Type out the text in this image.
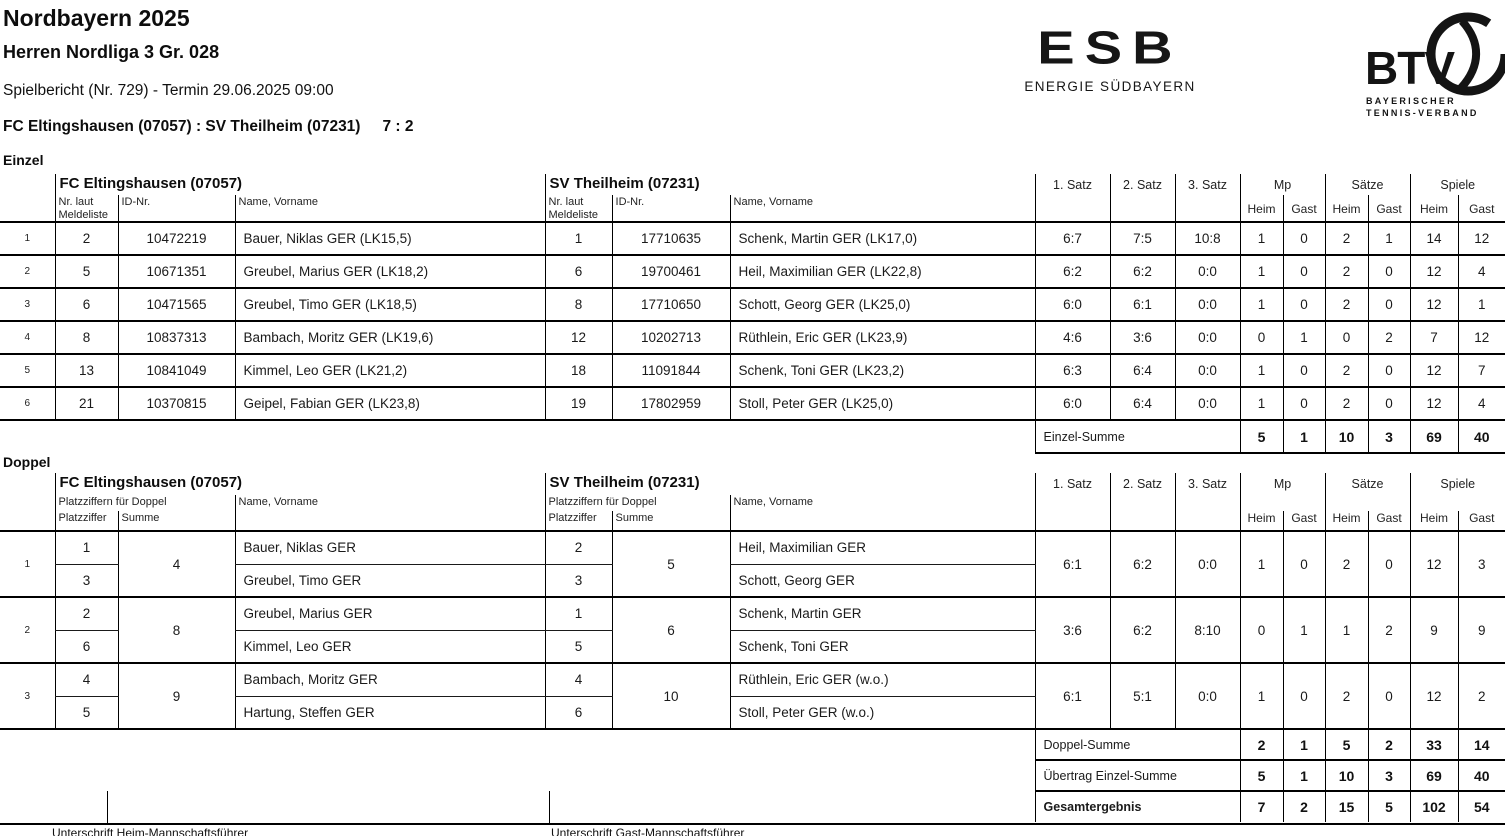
Nordbayern 2025
Herren Nordliga 3 Gr. 028
Spielbericht (Nr. 729) - Termin 29.06.2025 09:00
FC Eltingshausen (07057) : SV Theilheim (07231) 7 : 2
ESB
ENERGIE SÜDBAYERN	BTV
BAYERISCHER
TENNIS-VERBAND
Einzel
	FC Eltingshausen (07057)			SV Theilheim (07231)			1. Satz	2. Satz	3. Satz	Mp		Sätze		Spiele	
	Nr. laut Meldeliste	ID-Nr.	Name, Vorname	Nr. laut Meldeliste	ID-Nr.	Name, Vorname				Heim	Gast	Heim	Gast	Heim	Gast
1	2	10472219	Bauer, Niklas GER (LK15,5)	1	17710635	Schenk, Martin GER (LK17,0)	6:7	7:5	10:8	1	0	2	1	14	12
2	5	10671351	Greubel, Marius GER (LK18,2)	6	19700461	Heil, Maximilian GER (LK22,8)	6:2	6:2	0:0	1	0	2	0	12	4
3	6	10471565	Greubel, Timo GER (LK18,5)	8	17710650	Schott, Georg GER (LK25,0)	6:0	6:1	0:0	1	0	2	0	12	1
4	8	10837313	Bambach, Moritz GER (LK19,6)	12	10202713	Rüthlein, Eric GER (LK23,9)	4:6	3:6	0:0	0	1	0	2	7	12
5	13	10841049	Kimmel, Leo GER (LK21,2)	18	11091844	Schenk, Toni GER (LK23,2)	6:3	6:4	0:0	1	0	2	0	12	7
6	21	10370815	Geipel, Fabian GER (LK23,8)	19	17802959	Stoll, Peter GER (LK25,0)	6:0	6:4	0:0	1	0	2	0	12	4
							Einzel-Summe			5	1	10	3	69	40
Doppel
	FC Eltingshausen (07057)			SV Theilheim (07231)			1. Satz	2. Satz	3. Satz	Mp		Sätze		Spiele	
	Platzziffern für Doppel		Name, Vorname	Platzziffern für Doppel		Name, Vorname									
	Platzziffer	Summe		Platzziffer	Summe					Heim	Gast	Heim	Gast	Heim	Gast
1	1	4	Bauer, Niklas GER	2	5	Heil, Maximilian GER	6:1	6:2	0:0	1	0	2	0	12	3
	3		Greubel, Timo GER	3		Schott, Georg GER									
2	2	8	Greubel, Marius GER	1	6	Schenk, Martin GER	3:6	6:2	8:10	0	1	1	2	9	9
	6		Kimmel, Leo GER	5		Schenk, Toni GER									
3	4	9	Bambach, Moritz GER	4	10	Rüthlein, Eric GER (w.o.)	6:1	5:1	0:0	1	0	2	0	12	2
	5		Hartung, Steffen GER	6		Stoll, Peter GER (w.o.)									
							Doppel-Summe			2	1	5	2	33	14
							Übertrag Einzel-Summe			5	1	10	3	69	40
							Gesamtergebnis			7	2	15	5	102	54
Unterschrift Heim-Mannschaftsführer	Unterschrift Gast-Mannschaftsführer
